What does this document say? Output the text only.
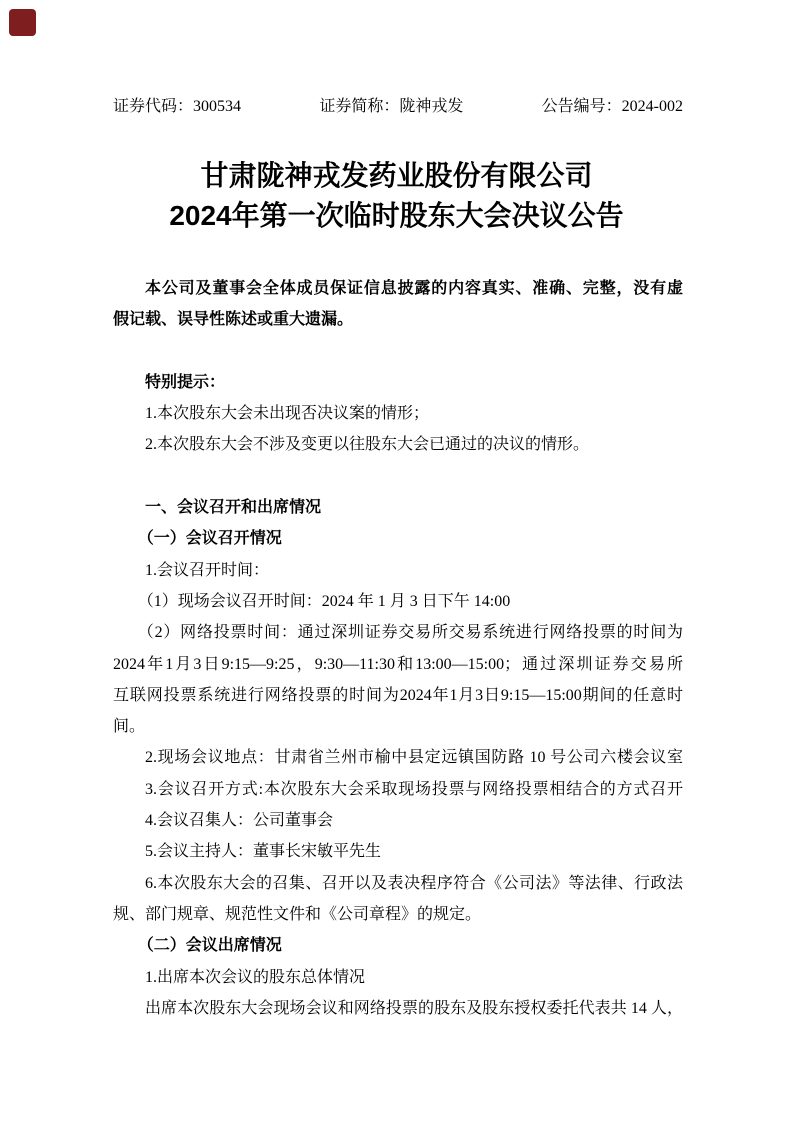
证券代码：300534	证券简称：陇神戎发	公告编号：2024-002
甘肃陇神戎发药业股份有限公司
2024年第一次临时股东大会决议公告
本公司及董事会全体成员保证信息披露的内容真实、准确、完整，没有虚
假记载、误导性陈述或重大遗漏。
特别提示：
1.本次股东大会未出现否决议案的情形；
2.本次股东大会不涉及变更以往股东大会已通过的决议的情形。
一、会议召开和出席情况
（一）会议召开情况
1.会议召开时间：
（1）现场会议召开时间：2024 年 1 月 3 日下午 14:00
（2）网络投票时间：通过深圳证券交易所交易系统进行网络投票的时间为
2024年1月3日9:15—9:25，9:30—11:30和13:00—15:00；通过深圳证券交易所
互联网投票系统进行网络投票的时间为2024年1月3日9:15—15:00期间的任意时
间。
2.现场会议地点：甘肃省兰州市榆中县定远镇国防路 10 号公司六楼会议室
3.会议召开方式:本次股东大会采取现场投票与网络投票相结合的方式召开
4.会议召集人：公司董事会
5.会议主持人：董事长宋敏平先生
6.本次股东大会的召集、召开以及表决程序符合《公司法》等法律、行政法
规、部门规章、规范性文件和《公司章程》的规定。
（二）会议出席情况
1.出席本次会议的股东总体情况
出席本次股东大会现场会议和网络投票的股东及股东授权委托代表共 14 人，
